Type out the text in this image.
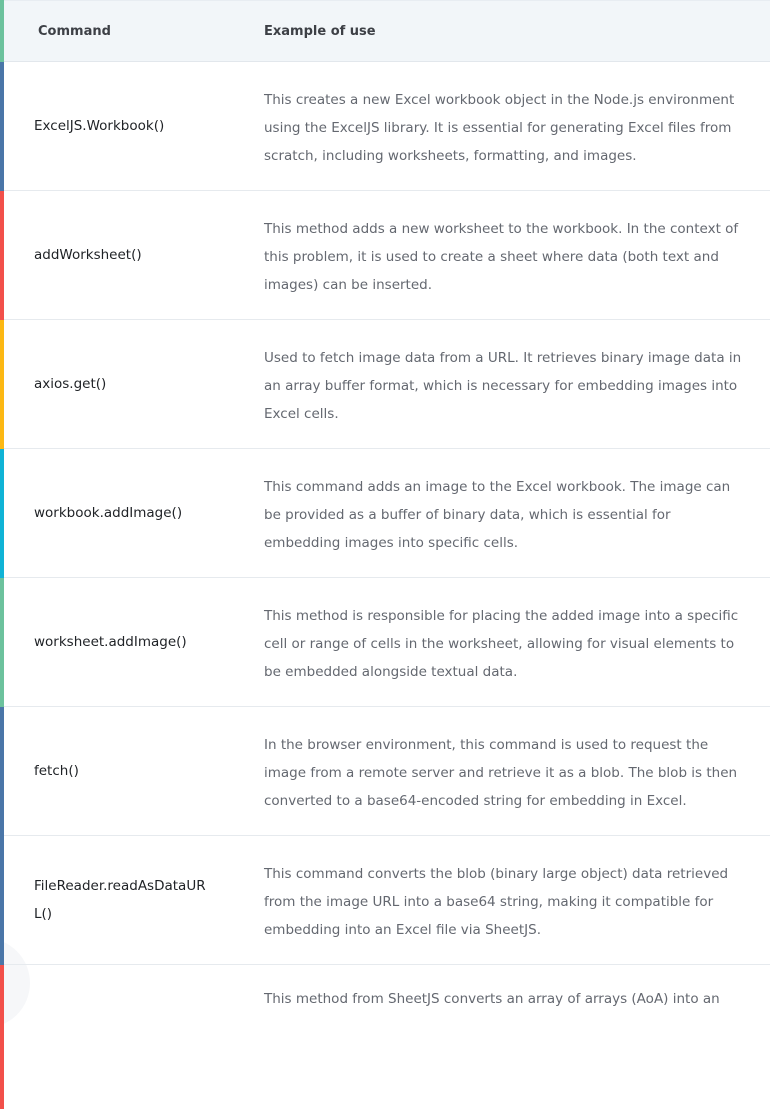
Command	Example of use
ExcelJS.Workbook()	This creates a new Excel workbook object in the Node.js environment using the ExcelJS library. It is essential for generating Excel files from scratch, including worksheets, formatting, and images.
addWorksheet()	This method adds a new worksheet to the workbook. In the context of this problem, it is used to create a sheet where data (both text and images) can be inserted.
axios.get()	Used to fetch image data from a URL. It retrieves binary image data in an array buffer format, which is necessary for embedding images into Excel cells.
workbook.addImage()	This command adds an image to the Excel workbook. The image can be provided as a buffer of binary data, which is essential for embedding images into specific cells.
worksheet.addImage()	This method is responsible for placing the added image into a specific cell or range of cells in the worksheet, allowing for visual elements to be embedded alongside textual data.
fetch()	In the browser environment, this command is used to request the image from a remote server and retrieve it as a blob. The blob is then converted to a base64-encoded string for embedding in Excel.
FileReader.readAsDataURL()	This command converts the blob (binary large object) data retrieved from the image URL into a base64 string, making it compatible for embedding into an Excel file via SheetJS.
	This method from SheetJS converts an array of arrays (AoA) into an
